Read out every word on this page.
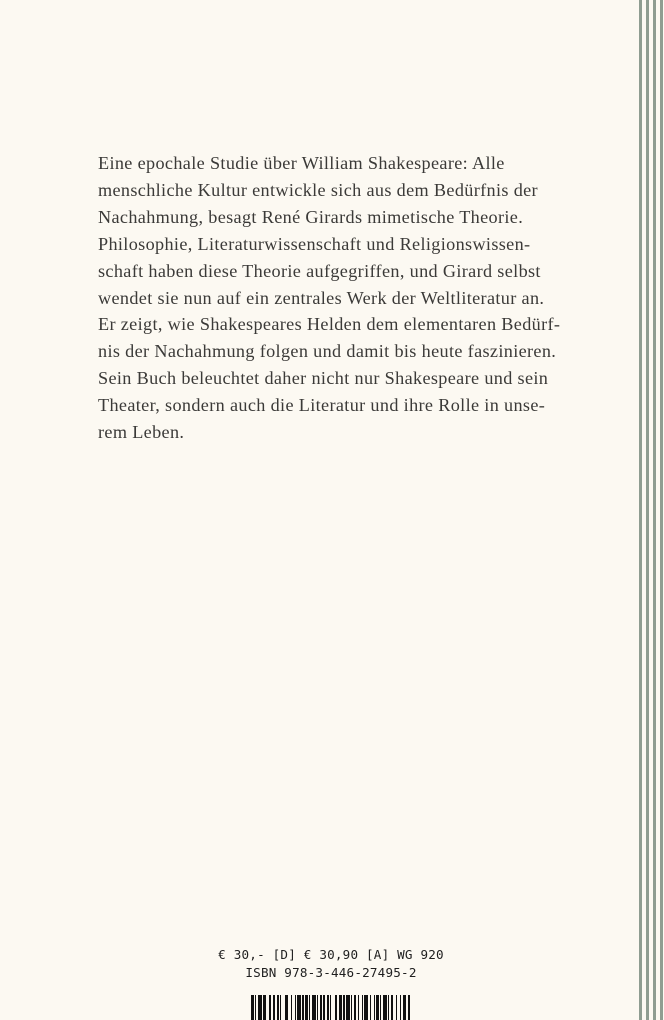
Eine epochale Studie über William Shakespeare: Alle
menschliche Kultur entwickle sich aus dem Bedürfnis der
Nachahmung, besagt René Girards mimetische Theorie.
Philosophie, Literaturwissenschaft und Religionswissen-
schaft haben diese Theorie aufgegriffen, und Girard selbst
wendet sie nun auf ein zentrales Werk der Weltliteratur an.
Er zeigt, wie Shakespeares Helden dem elementaren Bedürf-
nis der Nachahmung folgen und damit bis heute faszinieren.
Sein Buch beleuchtet daher nicht nur Shakespeare und sein
Theater, sondern auch die Literatur und ihre Rolle in unse-
rem Leben.

€ 30,- [D] € 30,90 [A] WG 920
ISBN 978-3-446-27495-2
